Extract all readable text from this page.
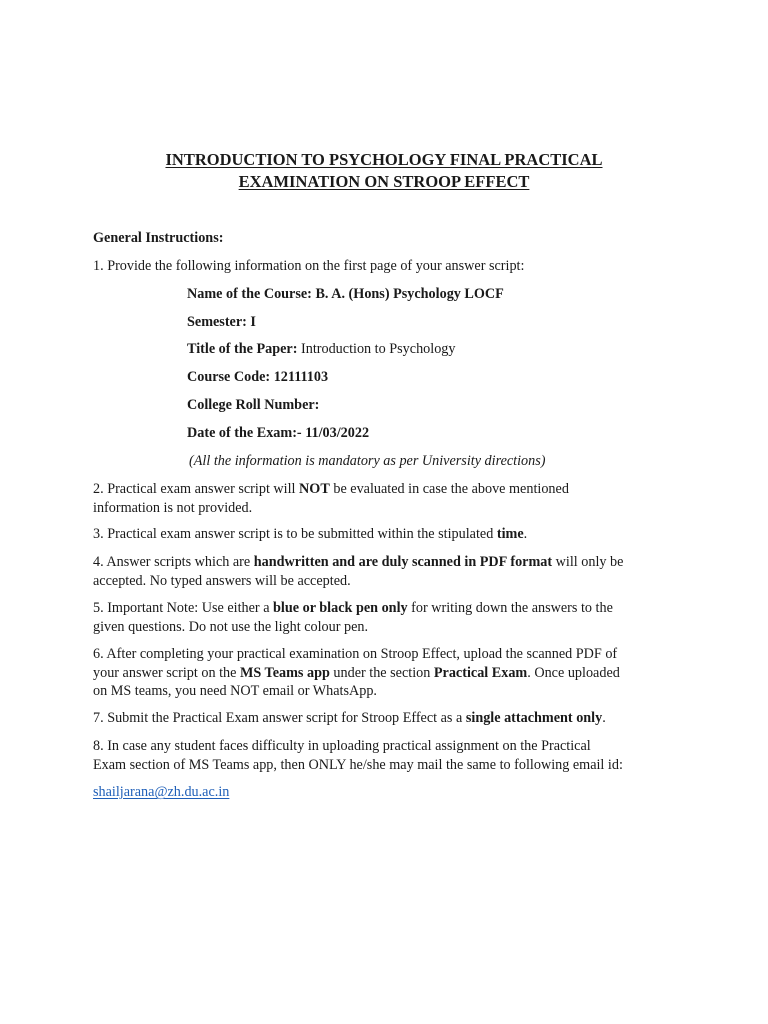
INTRODUCTION TO PSYCHOLOGY FINAL PRACTICAL
EXAMINATION ON STROOP EFFECT
General Instructions:
1. Provide the following information on the first page of your answer script:
Name of the Course: B. A. (Hons) Psychology LOCF
Semester: I
Title of the Paper: Introduction to Psychology
Course Code: 12111103
College Roll Number:
Date of the Exam:- 11/03/2022
(All the information is mandatory as per University directions)
2. Practical exam answer script will NOT be evaluated in case the above mentioned
information is not provided.
3. Practical exam answer script is to be submitted within the stipulated time.
4. Answer scripts which are handwritten and are duly scanned in PDF format will only be
accepted. No typed answers will be accepted.
5. Important Note: Use either a blue or black pen only for writing down the answers to the
given questions. Do not use the light colour pen.
6. After completing your practical examination on Stroop Effect, upload the scanned PDF of
your answer script on the MS Teams app under the section Practical Exam. Once uploaded
on MS teams, you need NOT email or WhatsApp.
7. Submit the Practical Exam answer script for Stroop Effect as a single attachment only.
8. In case any student faces difficulty in uploading practical assignment on the Practical
Exam section of MS Teams app, then ONLY he/she may mail the same to following email id:
shailjarana@zh.du.ac.in
